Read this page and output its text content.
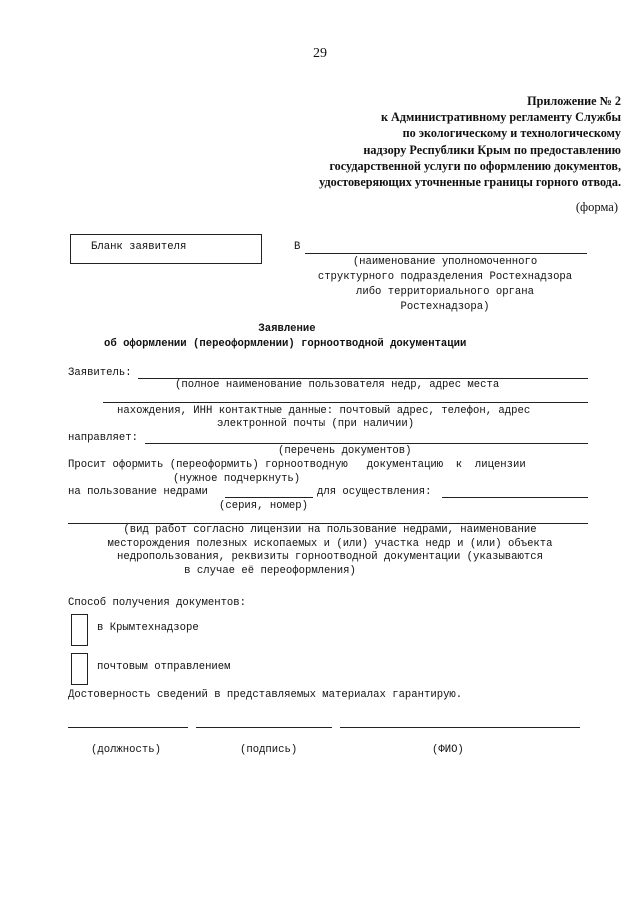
29
Приложение № 2
к Административному регламенту Службы
по экологическому и технологическому
надзору Республики Крым по предоставлению
государственной услуги по оформлению документов,
удостоверяющих уточненные границы горного отвода.
(форма)
Бланк заявителя	В
(наименование уполномоченного
структурного подразделения Ростехнадзора
либо территориального органа
Ростехнадзора)
Заявление
об оформлении (переоформлении) горноотводной документации
Заявитель:
(полное наименование пользователя недр, адрес места
нахождения, ИНН контактные данные: почтовый адрес, телефон, адрес
электронной почты (при наличии)
направляет:
(перечень документов)
Просит оформить (переоформить) горноотводную   документацию  к  лицензии
(нужное подчеркнуть)
на пользование недрами	для осуществления:
(серия, номер)
(вид работ согласно лицензии на пользование недрами, наименование
месторождения полезных ископаемых и (или) участка недр и (или) объекта
недропользования, реквизиты горноотводной документации (указываются
в случае её переоформления)
Способ получения документов:
в Крымтехнадзоре
почтовым отправлением
Достоверность сведений в представляемых материалах гарантирую.
(должность)	(подпись)	(ФИО)
